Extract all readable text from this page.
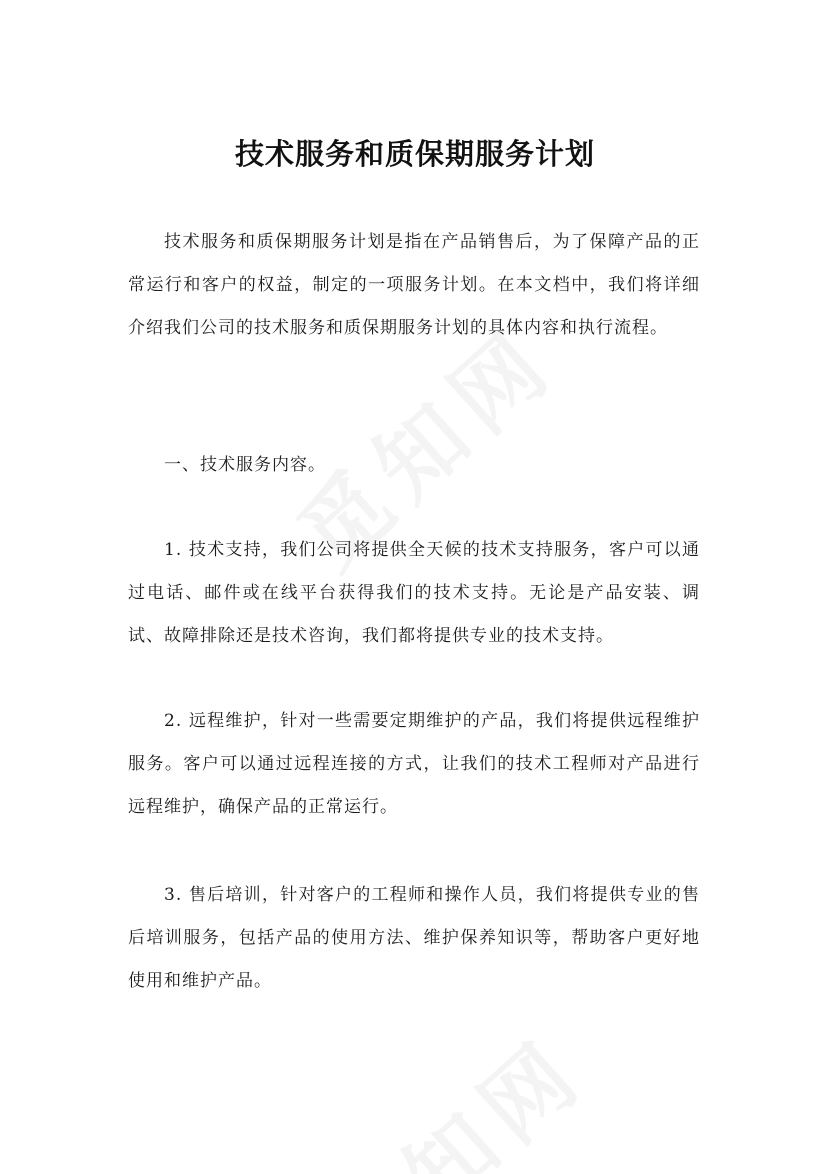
技术服务和质保期服务计划

技术服务和质保期服务计划是指在产品销售后，为了保障产品的正常运行和客户的权益，制定的一项服务计划。在本文档中，我们将详细介绍我们公司的技术服务和质保期服务计划的具体内容和执行流程。

一、技术服务内容。

1. 技术支持，我们公司将提供全天候的技术支持服务，客户可以通过电话、邮件或在线平台获得我们的技术支持。无论是产品安装、调试、故障排除还是技术咨询，我们都将提供专业的技术支持。

2. 远程维护，针对一些需要定期维护的产品，我们将提供远程维护服务。客户可以通过远程连接的方式，让我们的技术工程师对产品进行远程维护，确保产品的正常运行。

3. 售后培训，针对客户的工程师和操作人员，我们将提供专业的售后培训服务，包括产品的使用方法、维护保养知识等，帮助客户更好地使用和维护产品。
